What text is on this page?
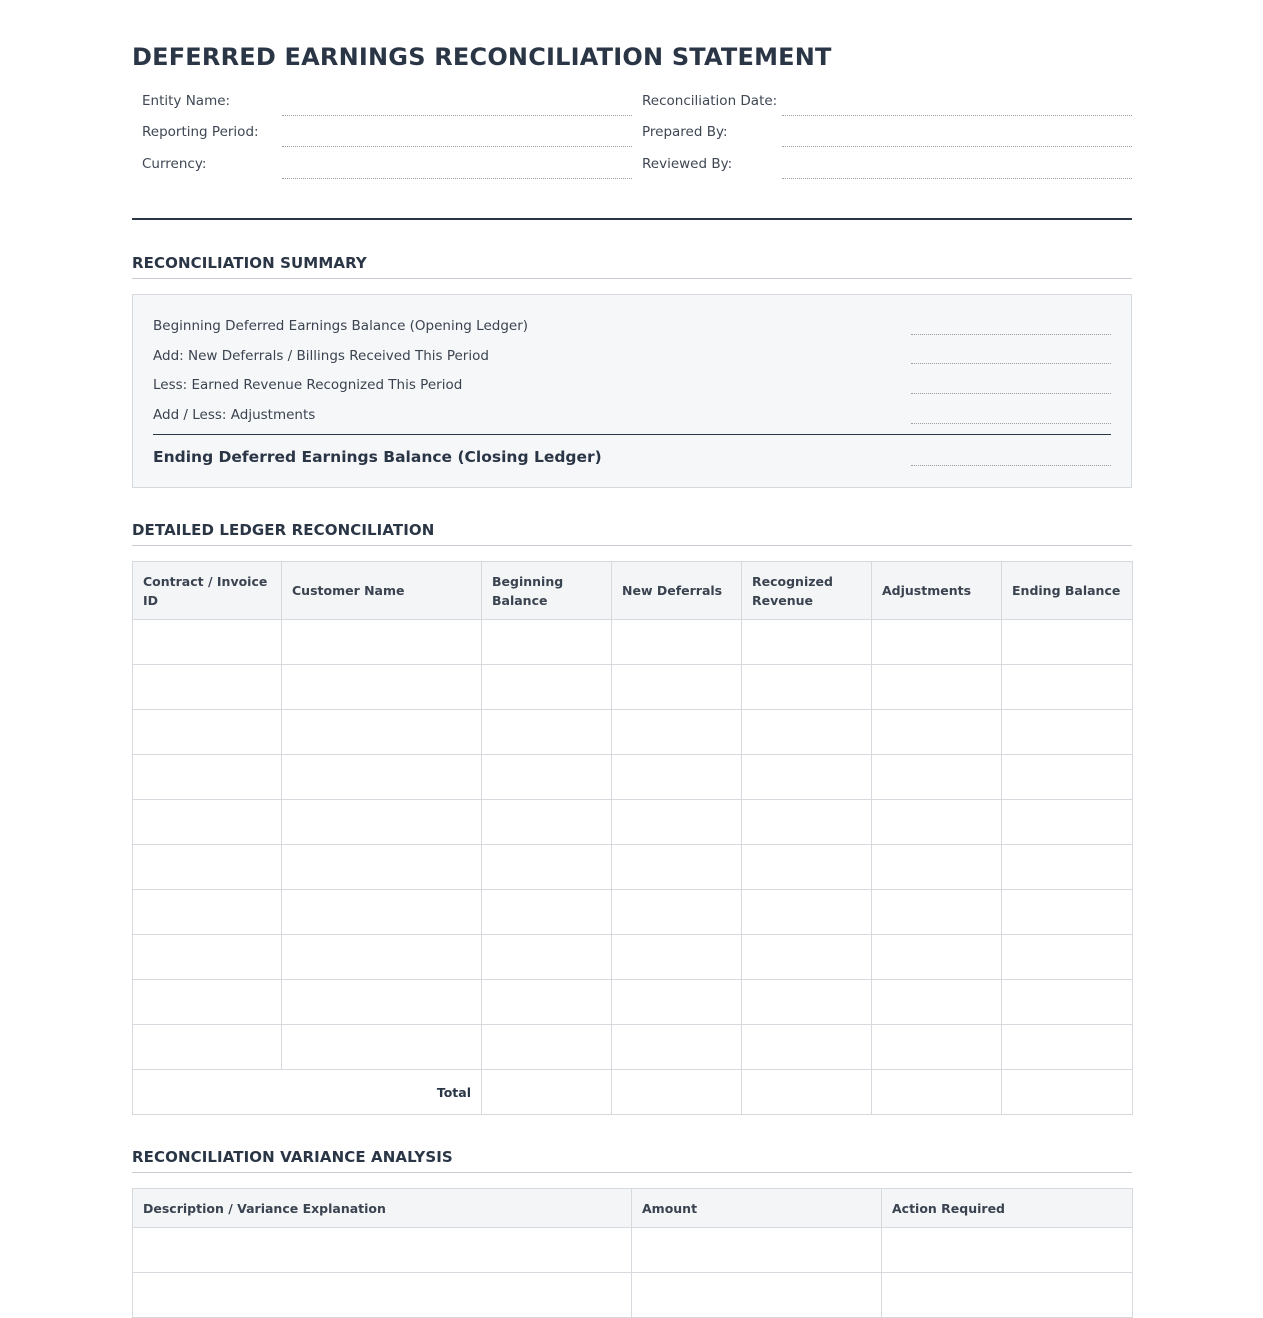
DEFERRED EARNINGS RECONCILIATION STATEMENT
Entity Name:	Reconciliation Date:
Reporting Period:	Prepared By:
Currency:	Reviewed By:
RECONCILIATION SUMMARY
Beginning Deferred Earnings Balance (Opening Ledger)
Add: New Deferrals / Billings Received This Period
Less: Earned Revenue Recognized This Period
Add / Less: Adjustments
Ending Deferred Earnings Balance (Closing Ledger)
DETAILED LEDGER RECONCILIATION
Contract / Invoice ID	Customer Name	Beginning Balance	New Deferrals	Recognized Revenue	Adjustments	Ending Balance

Total						
RECONCILIATION VARIANCE ANALYSIS
Description / Variance Explanation	Amount	Action Required
